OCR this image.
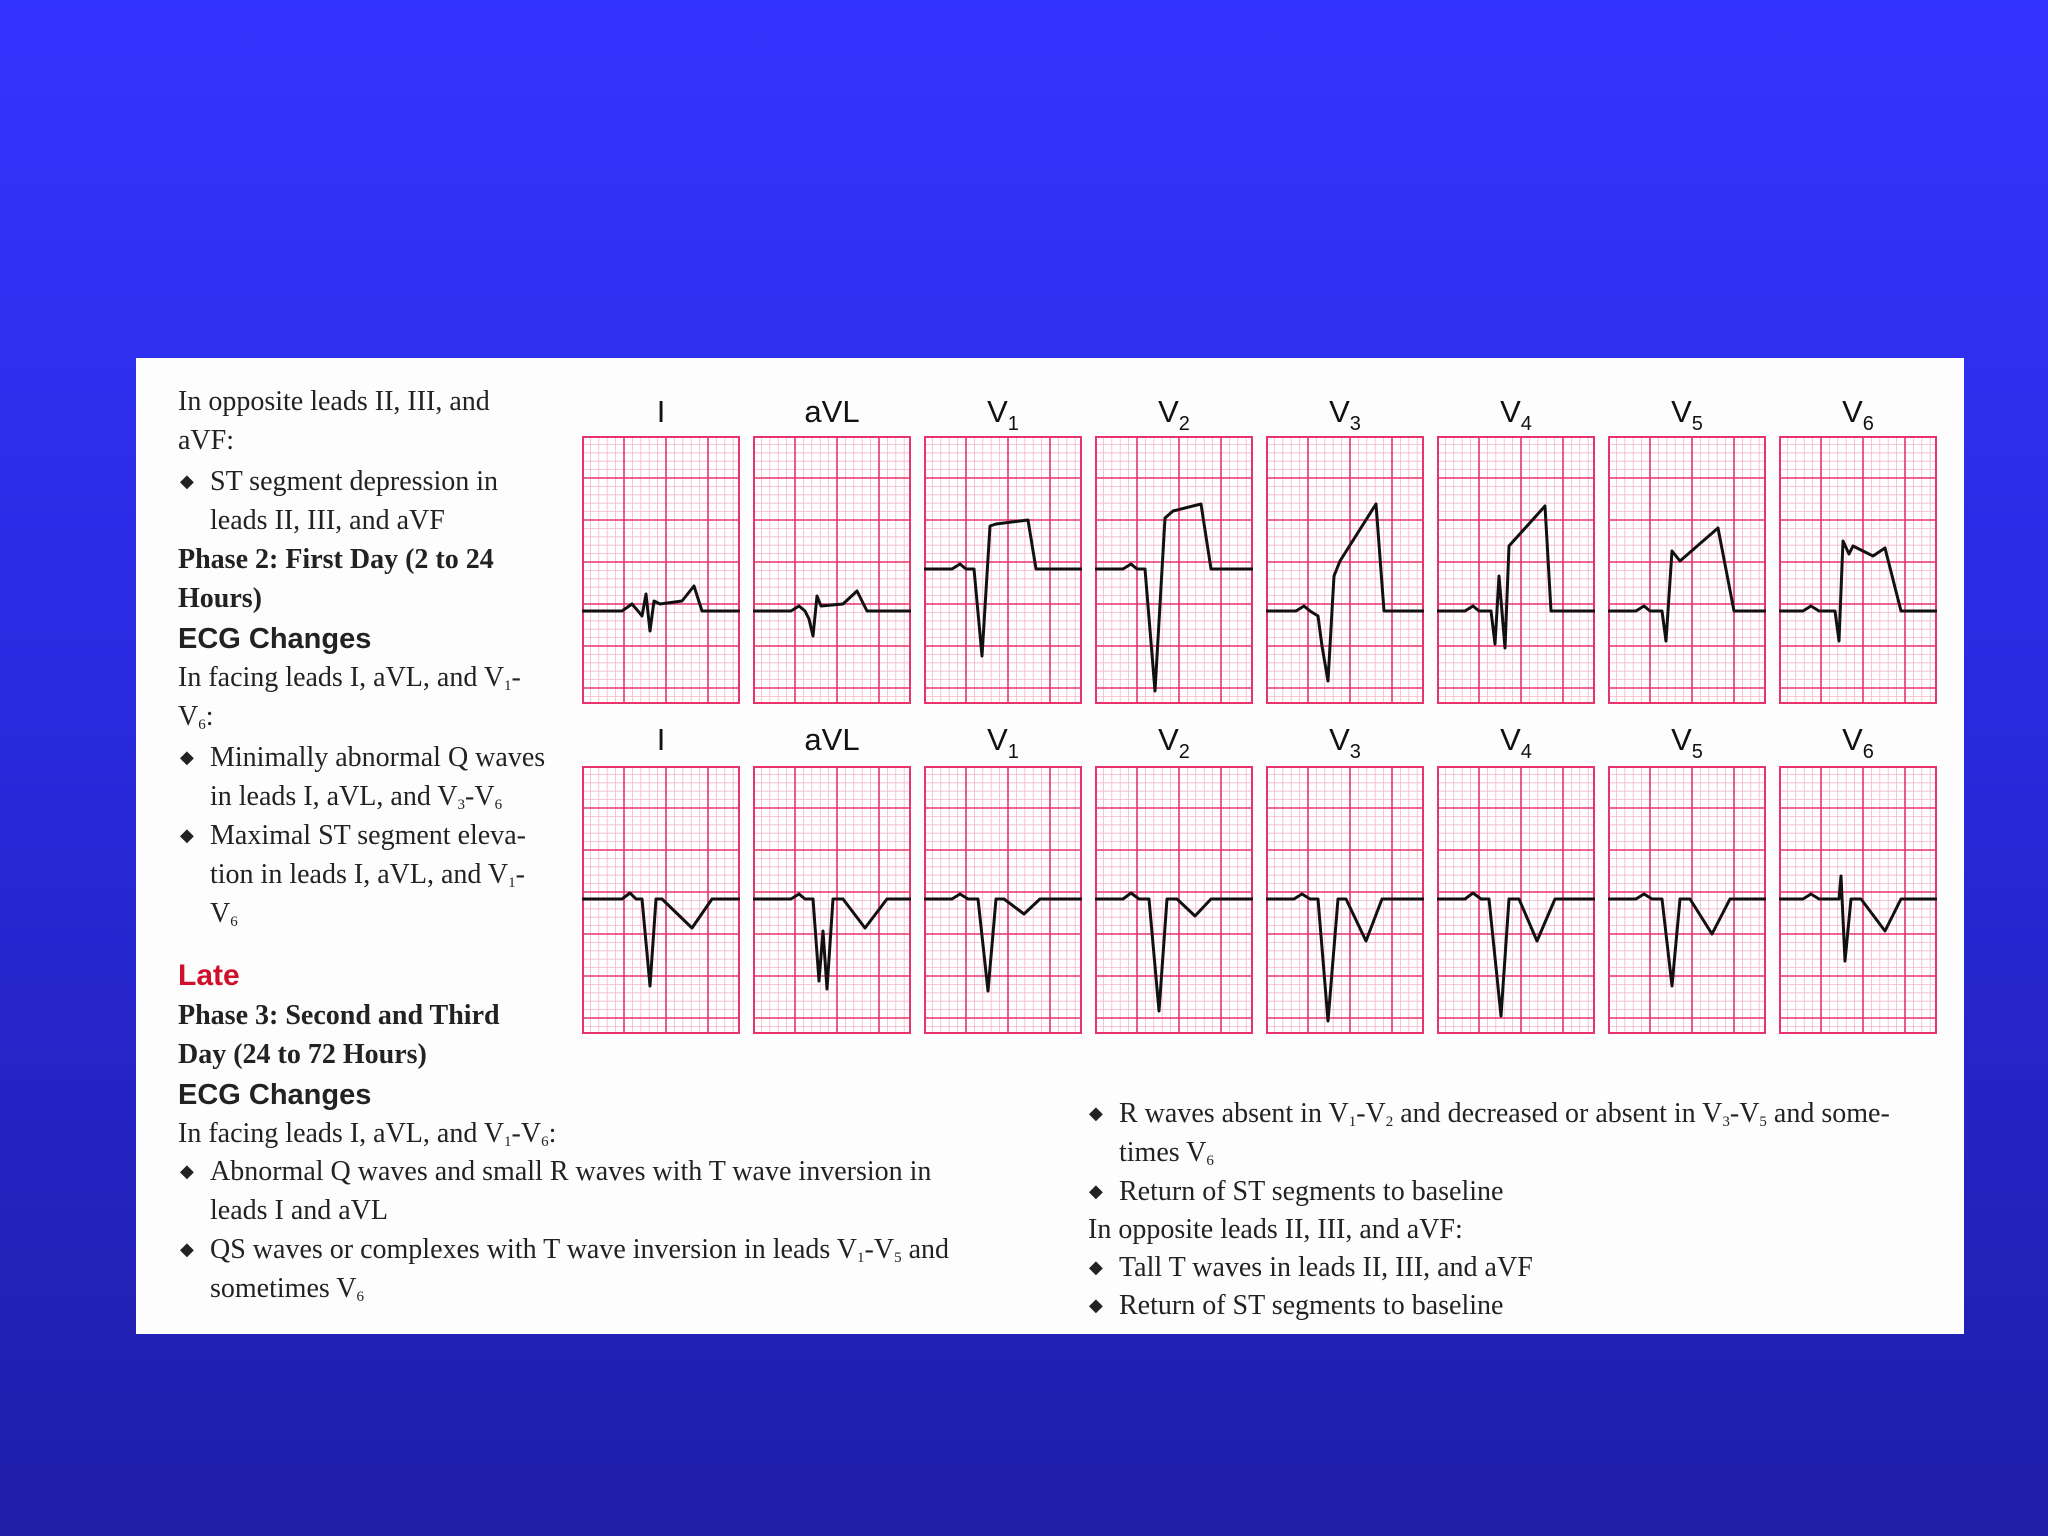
In opposite leads II, III, and
aVF:
◆ ST segment depression in
leads II, III, and aVF
Phase 2: First Day (2 to 24
Hours)
ECG Changes
In facing leads I, aVL, and $V_1-$
$V_6$:
◆ Minimally abnormal Q waves
in leads I, aVL, and $V_3-V_6$
◆ Maximal ST segment eleva-
tion in leads I, aVL, and $V_1-$
$V_6$
Late
Phase 3: Second and Third
Day (24 to 72 Hours)
ECG Changes
In facing leads I, aVL, and $V_1-V_6$:
◆ Abnormal Q waves and small R waves with T wave inversion in
leads I and aVL
◆ QS waves or complexes with T wave inversion in leads $V_1-V_5$ and
sometimes $V_6$
◆ R waves absent in $V_1-V_2$ and decreased or absent in $V_3-V_5$ and some-
times $V_6$
◆ Return of ST segments to baseline
In opposite leads II, III, and aVF:
◆ Tall T waves in leads II, III, and aVF
◆ Return of ST segments to baseline
I	aVL	$V_1$	$V_2$	$V_3$	$V_4$	$V_5$	$V_6$
I	aVL	$V_1$	$V_2$	$V_3$	$V_4$	$V_5$	$V_6$
